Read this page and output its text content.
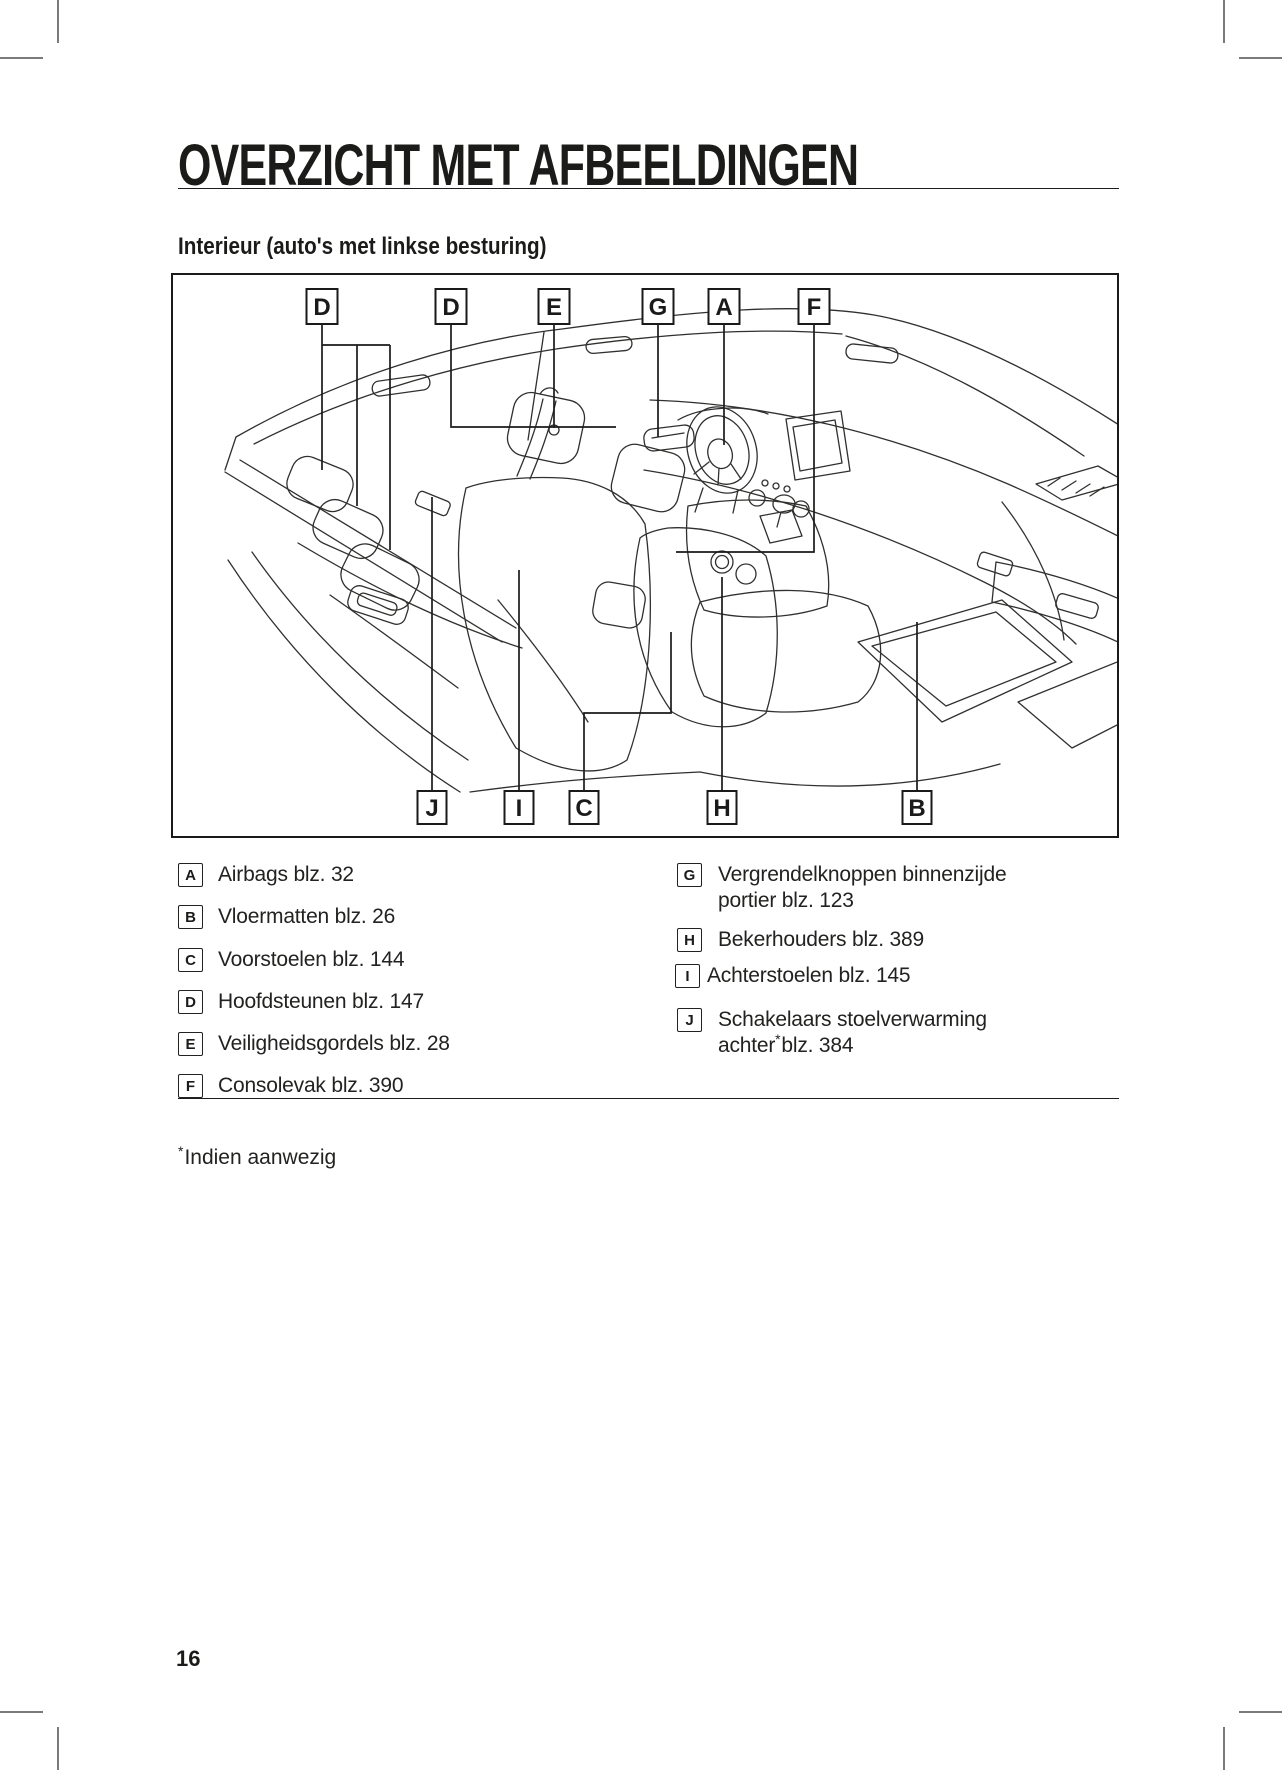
OVERZICHT MET AFBEELDINGEN
Interieur (auto's met linkse besturing)
D	D	E	G A	F
J	I C	H	B
A	Airbags blz. 32
B	Vloermatten blz. 26
C	Voorstoelen blz. 144
D	Hoofdsteunen blz. 147
E	Veiligheidsgordels blz. 28
F	Consolevak blz. 390
G	Vergrendelknoppen binnenzijde
portier blz. 123
H	Bekerhouders blz. 389
I Achterstoelen blz. 145
J	Schakelaars stoelverwarming
achter*blz. 384
*Indien aanwezig
16
